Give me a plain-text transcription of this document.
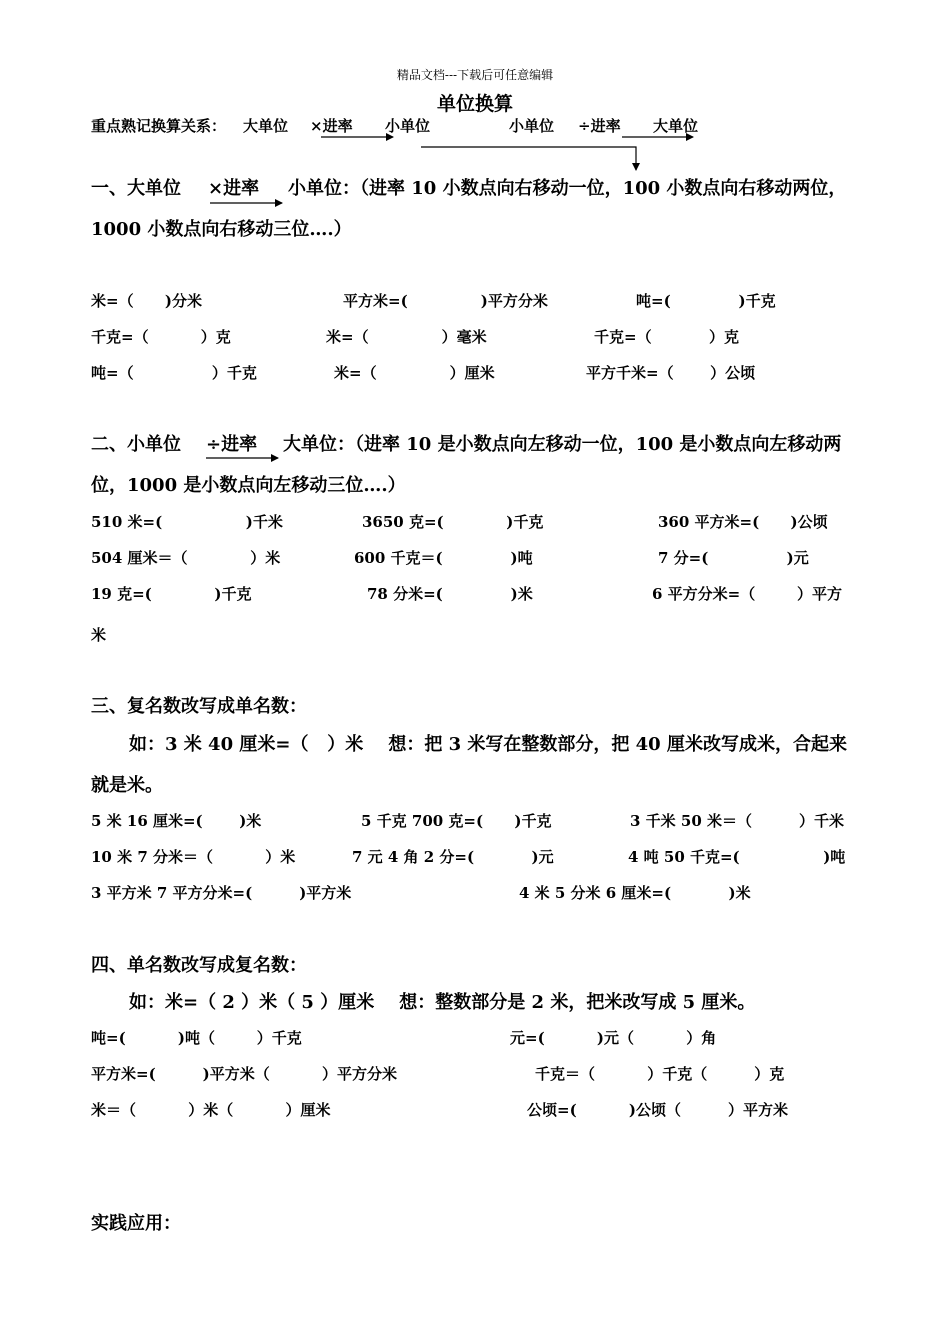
精品文档---下载后可任意编辑
单位换算
重点熟记换算关系： 大单位 ×进率 小单位	小单位 ÷进率 大单位
一、大单位 ×进率 小单位：（进率 10 小数点向右移动一位，100 小数点向右移动两位，
1000 小数点向右移动三位….）
米=（      )分米	平方米=(              )平方分米	吨=(             )千克
千克=（          ）克	米=（              ）毫米	千克=（           ）克
吨=（               ）千克	米=（              ）厘米	平方千米=（       ）公顷
二、小单位 ÷进率 大单位：（进率 10 是小数点向左移动一位，100 是小数点向左移动两
位，1000 是小数点向左移动三位….）
510 米=(                )千米	3650 克=(            )千克	360 平方米=(      )公顷
504 厘米＝（            ）米	600 千克＝(             )吨	7 分=(               )元
19 克=(            )千克	78 分米=(             )米	6 平方分米=（        ）平方
米
三、复名数改写成单名数：
如：3 米 40 厘米=（   ）米    想：把 3 米写在整数部分，把 40 厘米改写成米，合起来
就是米。
5 米 16 厘米=(       )米	5 千克 700 克=(      )千克	3 千米 50 米＝（         ）千米
10 米 7 分米＝（          ）米	7 元 4 角 2 分=(           )元	4 吨 50 千克=(                )吨
3 平方米 7 平方分米=(         )平方米	4 米 5 分米 6 厘米=(           )米
四、单名数改写成复名数：
如：米=（ 2 ）米（ 5 ）厘米    想：整数部分是 2 米，把米改写成 5 厘米。
吨=(          )吨（        ）千克	元=(          )元（          ）角
平方米=(         )平方米（          ）平方分米	千克＝（          ）千克（         ）克
米＝（          ）米（          ）厘米	公顷=(          )公顷（         ）平方米
实践应用：
